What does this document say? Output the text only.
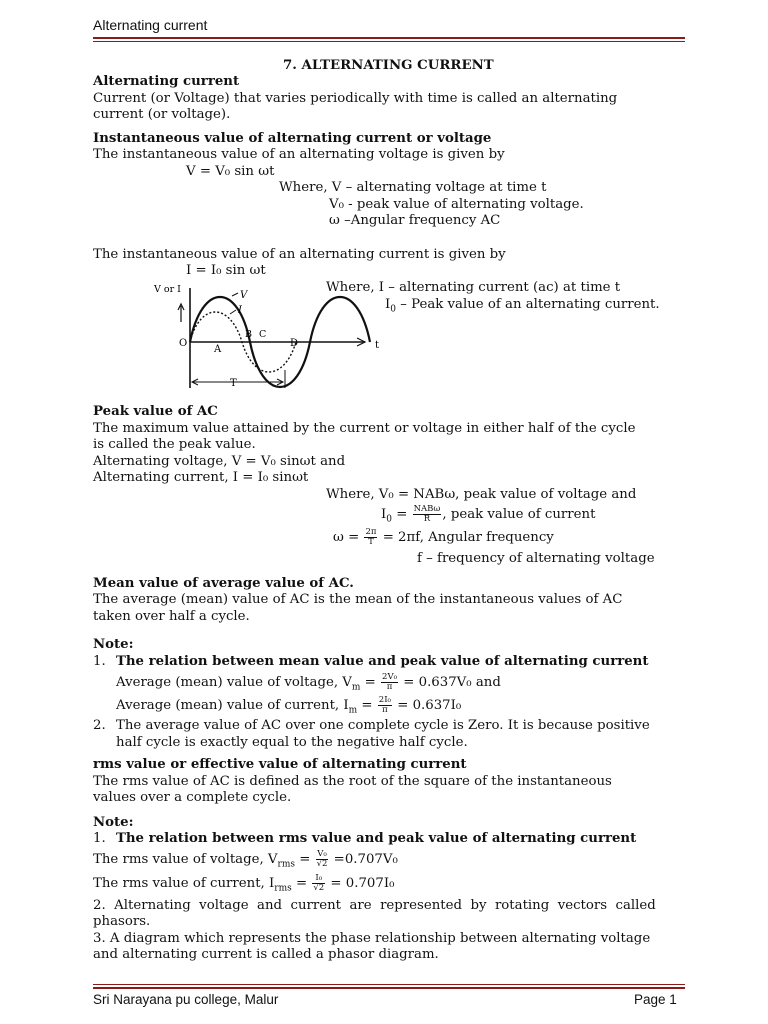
Alternating current
7. ALTERNATING CURRENT
Alternating current
Current (or Voltage) that varies periodically with time is called an alternating
current (or voltage).
Instantaneous value of alternating current or voltage
The instantaneous value of an alternating voltage is given by
V = V₀ sin ωt
Where, V – alternating voltage at time t
V₀ - peak value of alternating voltage.
ω –Angular frequency AC
The instantaneous value of an alternating current is given by
I = I₀ sin ωt
Where, I – alternating current (ac) at time t
$I_0$ – Peak value of an alternating current.
V or I
V
I
O
A
B C
D	t
T
Peak value of AC
The maximum value attained by the current or voltage in either half of the cycle
is called the peak value.
Alternating voltage, V = V₀ sinωt and
Alternating current, I = I₀ sinωt
Where, V₀ = NABω, peak value of voltage and
$I_0 = \frac{\text{NABω}}{R}$ , peak value of current
$\omega = \frac{2\pi}{T} = 2\pi f$, Angular frequency
f – frequency of alternating voltage
Mean value of average value of AC.
The average (mean) value of AC is the mean of the instantaneous values of AC
taken over half a cycle.
Note:
1. The relation between mean value and peak value of alternating current
Average (mean) value of voltage, $V_m = \frac{\text{2V₀}}{\pi} = 0.637V_0$ and
Average (mean) value of current, $I_m = \frac{\text{2I₀}}{\pi} = 0.637I_0$
2. The average value of AC over one complete cycle is Zero. It is because positive
half cycle is exactly equal to the negative half cycle.
rms value or effective value of alternating current
The rms value of AC is defined as the root of the square of the instantaneous
values over a complete cycle.
Note:
1. The relation between rms value and peak value of alternating current
The rms value of voltage, $V_{rms} = \frac{\text{V₀}}{√2} =0.707V_0$
The rms value of current, $I_{rms} = \frac{\text{I₀}}{√2} = 0.707I_0$
2.  Alternating  voltage  and  current  are  represented  by  rotating  vectors  called
phasors.
3. A diagram which represents the phase relationship between alternating voltage
and alternating current is called a phasor diagram.
Sri Narayana pu college, Malur	Page 1
